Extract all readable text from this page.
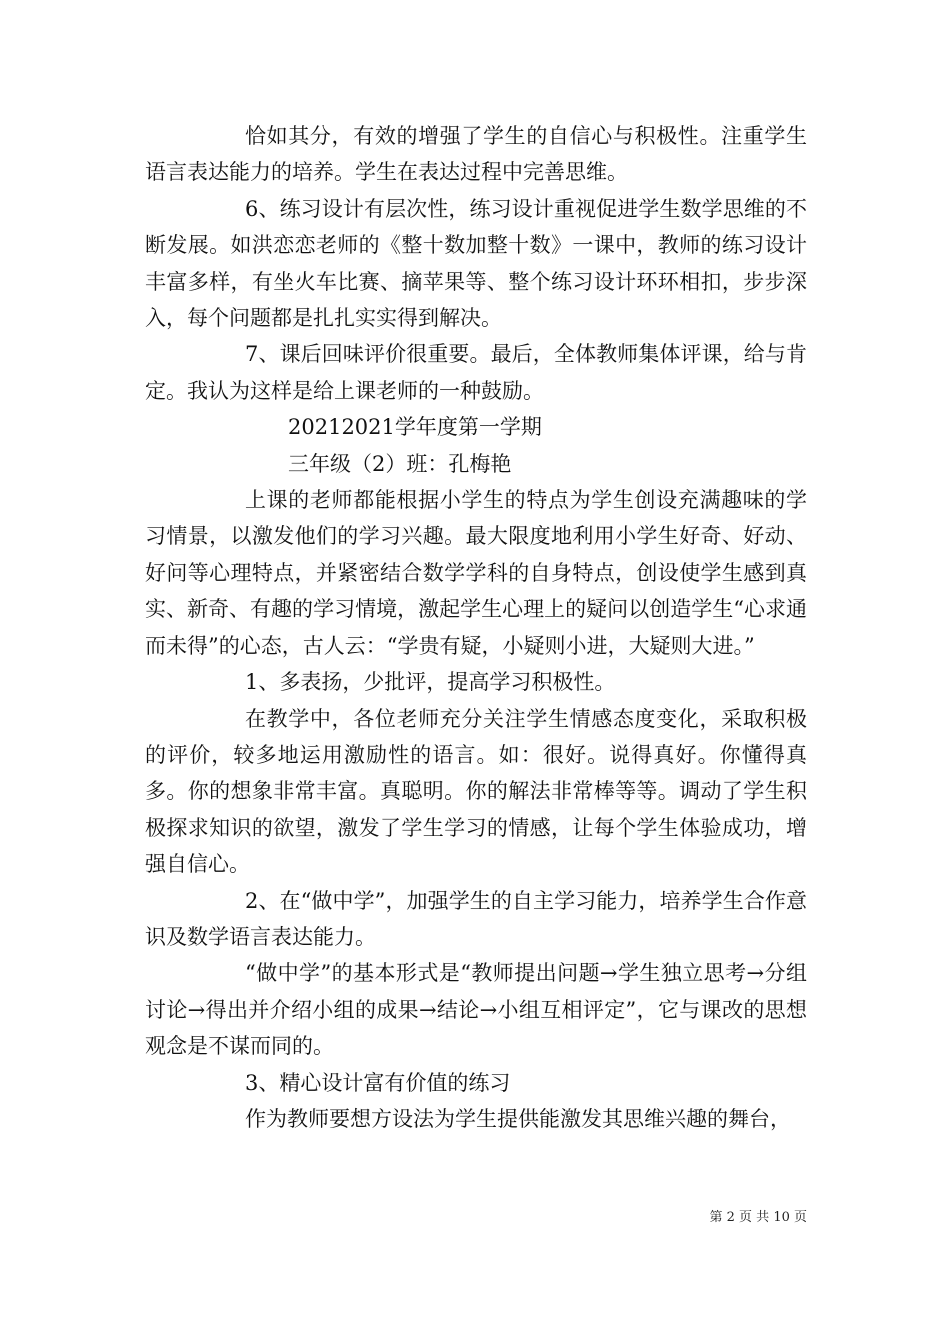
恰如其分，有效的增强了学生的自信心与积极性。注重学生语言表达能力的培养。学生在表达过程中完善思维。

6、练习设计有层次性，练习设计重视促进学生数学思维的不断发展。如洪恋恋老师的《整十数加整十数》一课中，教师的练习设计丰富多样，有坐火车比赛、摘苹果等、整个练习设计环环相扣，步步深入，每个问题都是扎扎实实得到解决。

7、课后回味评价很重要。最后，全体教师集体评课，给与肯定。我认为这样是给上课老师的一种鼓励。

20212021学年度第一学期

三年级（2）班：孔梅艳

上课的老师都能根据小学生的特点为学生创设充满趣味的学习情景，以激发他们的学习兴趣。最大限度地利用小学生好奇、好动、好问等心理特点，并紧密结合数学学科的自身特点，创设使学生感到真实、新奇、有趣的学习情境，激起学生心理上的疑问以创造学生“心求通而未得”的心态，古人云：“学贵有疑，小疑则小进，大疑则大进。”

1、多表扬，少批评，提高学习积极性。

在教学中，各位老师充分关注学生情感态度变化，采取积极的评价，较多地运用激励性的语言。如：很好。说得真好。你懂得真多。你的想象非常丰富。真聪明。你的解法非常棒等等。调动了学生积极探求知识的欲望，激发了学生学习的情感，让每个学生体验成功，增强自信心。

2、在“做中学”，加强学生的自主学习能力，培养学生合作意识及数学语言表达能力。

“做中学”的基本形式是“教师提出问题→学生独立思考→分组讨论→得出并介绍小组的成果→结论→小组互相评定”，它与课改的思想观念是不谋而同的。

3、精心设计富有价值的练习

作为教师要想方设法为学生提供能激发其思维兴趣的舞台，

第 2 页 共 10 页
